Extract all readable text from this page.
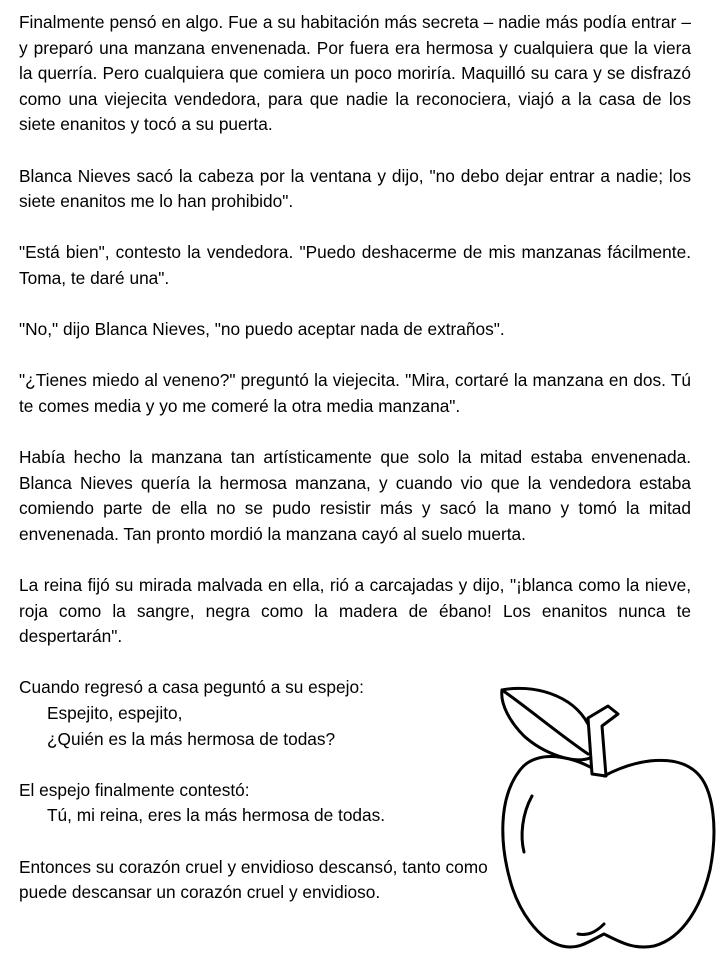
Finalmente pensó en algo. Fue a su habitación más secreta – nadie más podía entrar – y preparó una manzana envenenada. Por fuera era hermosa y cualquiera que la viera la querría. Pero cualquiera que comiera un poco moriría. Maquilló su cara y se disfrazó como una viejecita vendedora, para que nadie la reconociera, viajó a la casa de los siete enanitos y tocó a su puerta.

Blanca Nieves sacó la cabeza por la ventana y dijo, "no debo dejar entrar a nadie; los siete enanitos me lo han prohibido".

"Está bien", contesto la vendedora. "Puedo deshacerme de mis manzanas fácilmente. Toma, te daré una".

"No," dijo Blanca Nieves, "no puedo aceptar nada de extraños".

"¿Tienes miedo al veneno?" preguntó la viejecita. "Mira, cortaré la manzana en dos. Tú te comes media y yo me comeré la otra media manzana".

Había hecho la manzana tan artísticamente que solo la mitad estaba envenenada. Blanca Nieves quería la hermosa manzana, y cuando vio que la vendedora estaba comiendo parte de ella no se pudo resistir más y sacó la mano y tomó la mitad envenenada. Tan pronto mordió la manzana cayó al suelo muerta.

La reina fijó su mirada malvada en ella, rió a carcajadas y dijo, "¡blanca como la nieve, roja como la sangre, negra como la madera de ébano! Los enanitos nunca te despertarán".

Cuando regresó a casa peguntó a su espejo:
Espejito, espejito,
¿Quién es la más hermosa de todas?

El espejo finalmente contestó:
Tú, mi reina, eres la más hermosa de todas.

Entonces su corazón cruel y envidioso descansó, tanto como puede descansar un corazón cruel y envidioso.
